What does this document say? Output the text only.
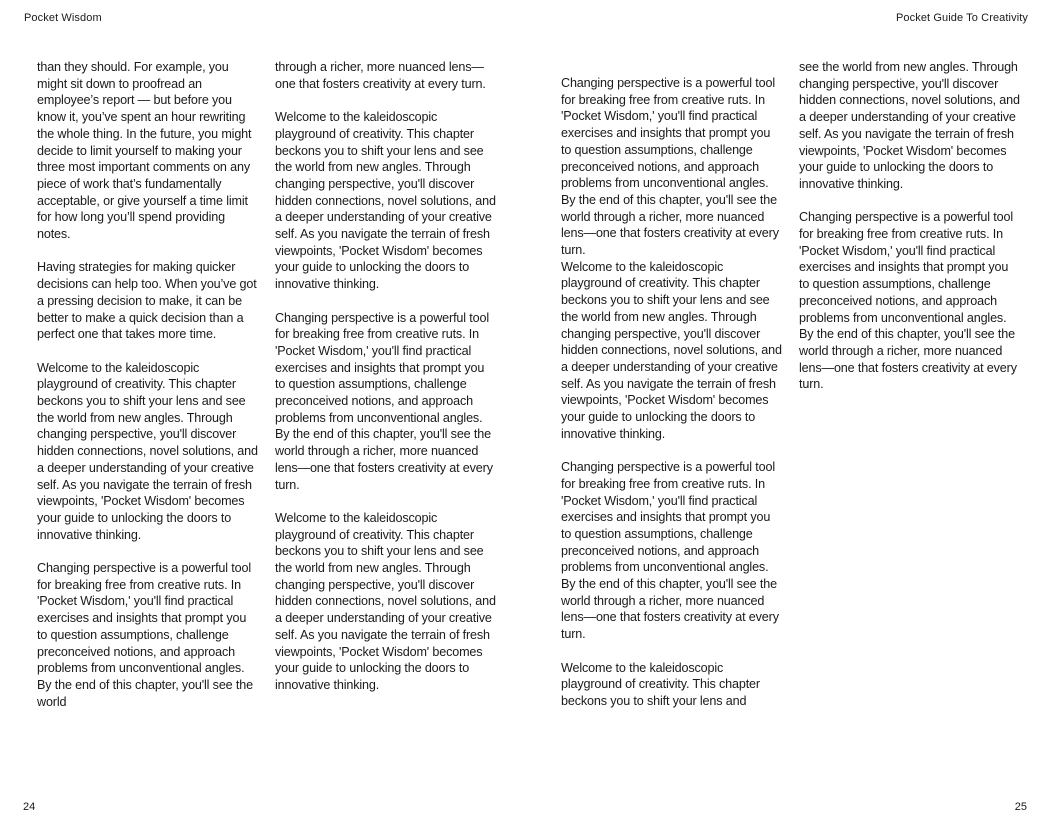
Pocket Wisdom

than they should. For example, you might sit down to proofread an employee’s report — but before you know it, you’ve spent an hour rewriting the whole thing. In the future, you might decide to limit yourself to making your three most important comments on any piece of work that’s fundamentally acceptable, or give yourself a time limit for how long you’ll spend providing notes.

Having strategies for making quicker decisions can help too. When you’ve got a pressing decision to make, it can be better to make a quick decision than a perfect one that takes more time.

Welcome to the kaleidoscopic playground of creativity. This chapter beckons you to shift your lens and see the world from new angles. Through changing perspective, you'll discover hidden connections, novel solutions, and a deeper understanding of your creative self. As you navigate the terrain of fresh viewpoints, 'Pocket Wisdom' becomes your guide to unlocking the doors to innovative thinking.

Changing perspective is a powerful tool for breaking free from creative ruts. In 'Pocket Wisdom,' you'll find practical exercises and insights that prompt you to question assumptions, challenge preconceived notions, and approach problems from unconventional angles. By the end of this chapter, you'll see the world

through a richer, more nuanced lens—one that fosters creativity at every turn.

Welcome to the kaleidoscopic playground of creativity. This chapter beckons you to shift your lens and see the world from new angles. Through changing perspective, you'll discover hidden connections, novel solutions, and a deeper understanding of your creative self. As you navigate the terrain of fresh viewpoints, 'Pocket Wisdom' becomes your guide to unlocking the doors to innovative thinking.

Changing perspective is a powerful tool for breaking free from creative ruts. In 'Pocket Wisdom,' you'll find practical exercises and insights that prompt you to question assumptions, challenge preconceived notions, and approach problems from unconventional angles. By the end of this chapter, you'll see the world through a richer, more nuanced lens—one that fosters creativity at every turn.

Welcome to the kaleidoscopic playground of creativity. This chapter beckons you to shift your lens and see the world from new angles. Through changing perspective, you'll discover hidden connections, novel solutions, and a deeper understanding of your creative self. As you navigate the terrain of fresh viewpoints, 'Pocket Wisdom' becomes your guide to unlocking the doors to innovative thinking.

24
Pocket Guide To Creativity

Changing perspective is a powerful tool for breaking free from creative ruts. In 'Pocket Wisdom,' you'll find practical exercises and insights that prompt you to question assumptions, challenge preconceived notions, and approach problems from unconventional angles. By the end of this chapter, you'll see the world through a richer, more nuanced lens—one that fosters creativity at every turn.

Welcome to the kaleidoscopic playground of creativity. This chapter beckons you to shift your lens and see the world from new angles. Through changing perspective, you'll discover hidden connections, novel solutions, and a deeper understanding of your creative self. As you navigate the terrain of fresh viewpoints, 'Pocket Wisdom' becomes your guide to unlocking the doors to innovative thinking.

Changing perspective is a powerful tool for breaking free from creative ruts. In 'Pocket Wisdom,' you'll find practical exercises and insights that prompt you to question assumptions, challenge preconceived notions, and approach problems from unconventional angles. By the end of this chapter, you'll see the world through a richer, more nuanced lens—one that fosters creativity at every turn.

Welcome to the kaleidoscopic playground of creativity. This chapter beckons you to shift your lens and

see the world from new angles. Through changing perspective, you'll discover hidden connections, novel solutions, and a deeper understanding of your creative self. As you navigate the terrain of fresh viewpoints, 'Pocket Wisdom' becomes your guide to unlocking the doors to innovative thinking.

Changing perspective is a powerful tool for breaking free from creative ruts. In 'Pocket Wisdom,' you'll find practical exercises and insights that prompt you to question assumptions, challenge preconceived notions, and approach problems from unconventional angles. By the end of this chapter, you'll see the world through a richer, more nuanced lens—one that fosters creativity at every turn.

25
